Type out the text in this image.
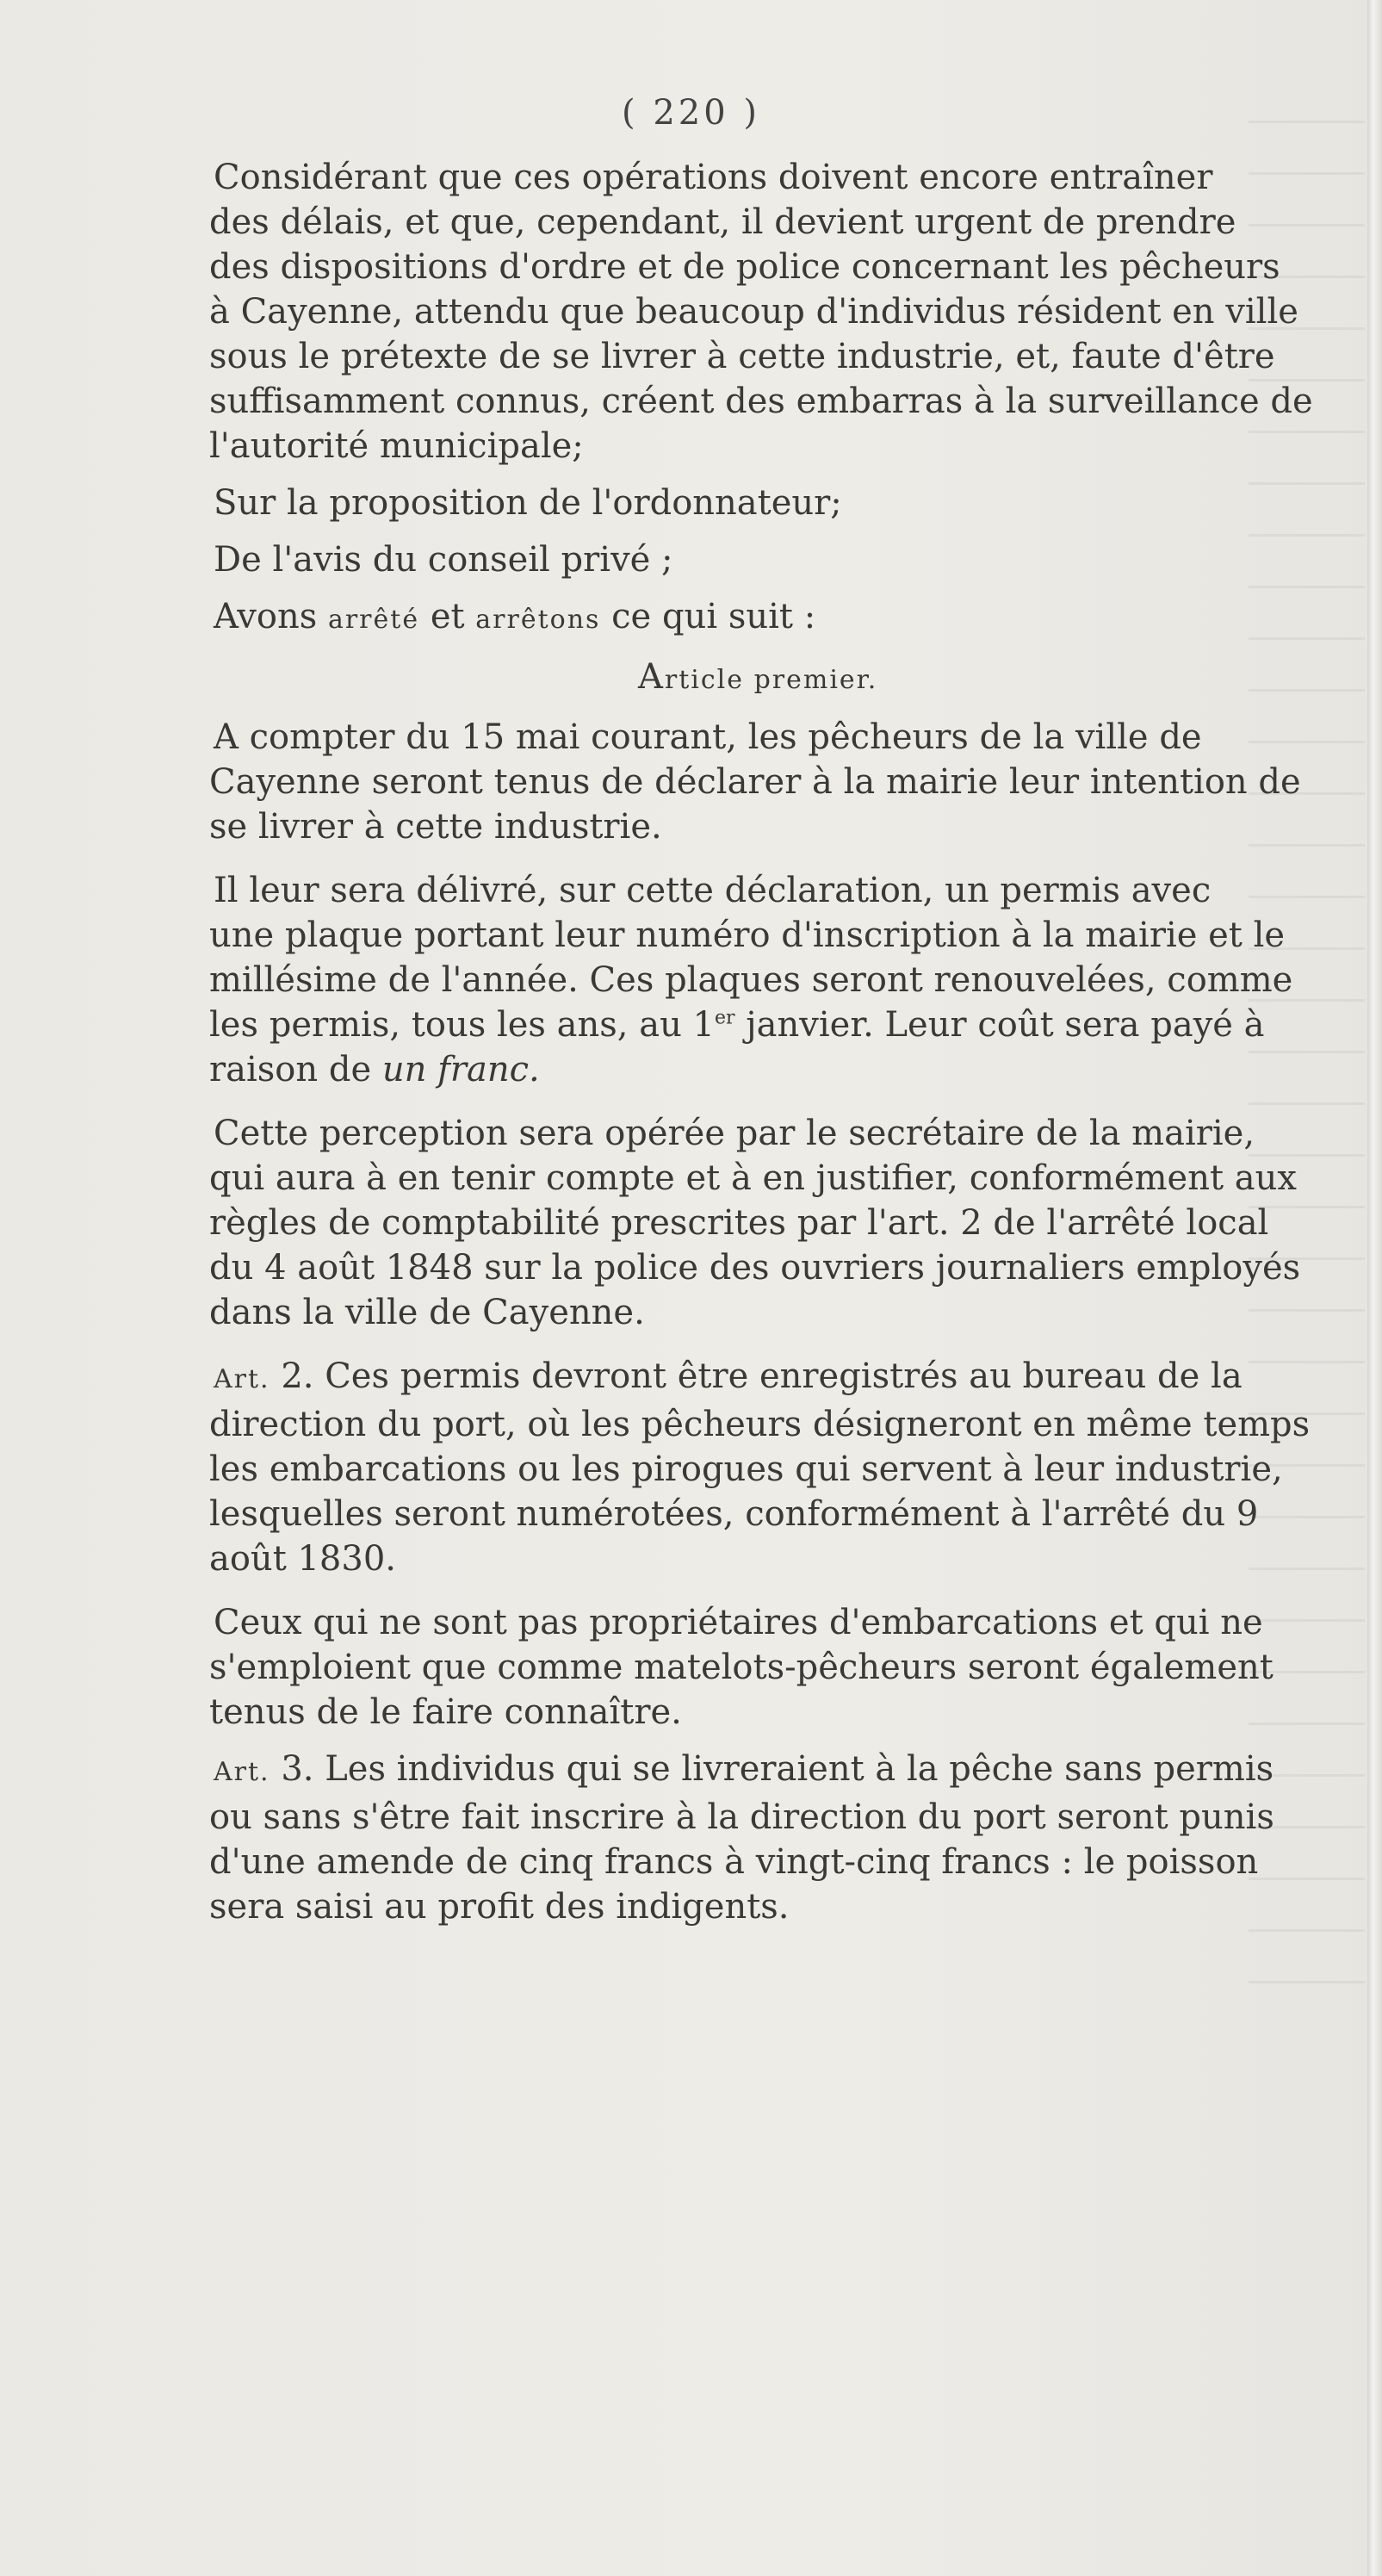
( 220 )

Considérant que ces opérations doivent encore entraîner
des délais, et que, cependant, il devient urgent de prendre
des dispositions d'ordre et de police concernant les pêcheurs
à Cayenne, attendu que beaucoup d'individus résident en ville
sous le prétexte de se livrer à cette industrie, et, faute d'être
suffisamment connus, créent des embarras à la surveillance de
l'autorité municipale;

Sur la proposition de l'ordonnateur;

De l'avis du conseil privé ;

Avons arrêté et arrêtons ce qui suit :

Article premier.

A compter du 15 mai courant, les pêcheurs de la ville de
Cayenne seront tenus de déclarer à la mairie leur intention de
se livrer à cette industrie.

Il leur sera délivré, sur cette déclaration, un permis avec
une plaque portant leur numéro d'inscription à la mairie et le
millésime de l'année. Ces plaques seront renouvelées, comme
les permis, tous les ans, au 1er janvier. Leur coût sera payé à
raison de un franc.

Cette perception sera opérée par le secrétaire de la mairie,
qui aura à en tenir compte et à en justifier, conformément aux
règles de comptabilité prescrites par l'art. 2 de l'arrêté local
du 4 août 1848 sur la police des ouvriers journaliers employés
dans la ville de Cayenne.

Art. 2. Ces permis devront être enregistrés au bureau de la
direction du port, où les pêcheurs désigneront en même temps
les embarcations ou les pirogues qui servent à leur industrie,
lesquelles seront numérotées, conformément à l'arrêté du 9
août 1830.

Ceux qui ne sont pas propriétaires d'embarcations et qui ne
s'emploient que comme matelots-pêcheurs seront également
tenus de le faire connaître.

Art. 3. Les individus qui se livreraient à la pêche sans permis
ou sans s'être fait inscrire à la direction du port seront punis
d'une amende de cinq francs à vingt-cinq francs : le poisson
sera saisi au profit des indigents.
